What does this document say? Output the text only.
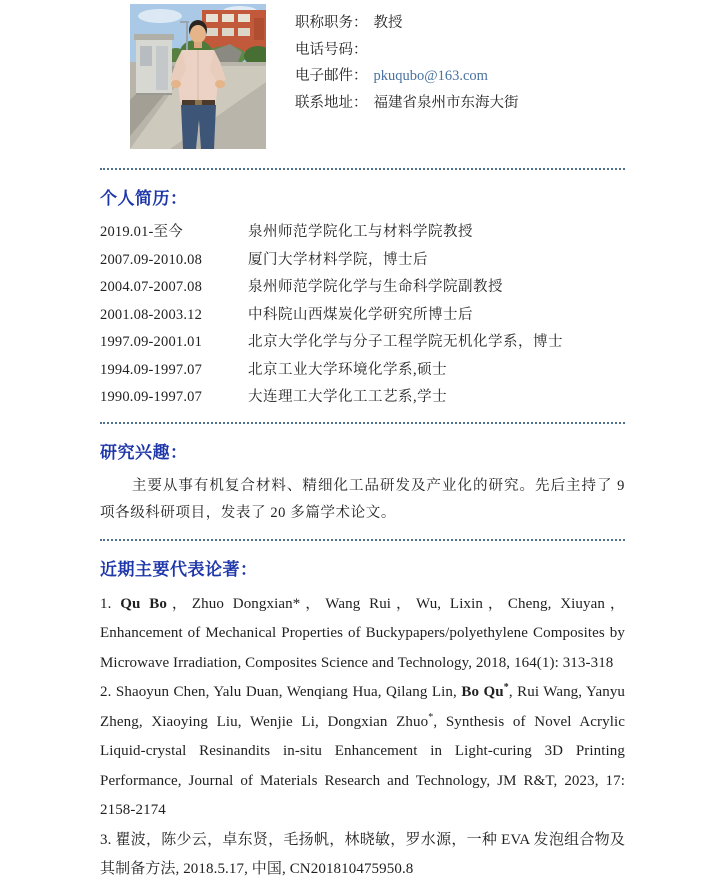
职称职务： 教授
电话号码：
电子邮件： pkuqubo@163.com
联系地址： 福建省泉州市东海大街
个人简历：
2019.01-至今	泉州师范学院化工与材料学院教授
2007.09-2010.08	厦门大学材料学院，博士后
2004.07-2007.08	泉州师范学院化学与生命科学院副教授
2001.08-2003.12	中科院山西煤炭化学研究所博士后
1997.09-2001.01	北京大学化学与分子工程学院无机化学系，博士
1994.09-1997.07	北京工业大学环境化学系,硕士
1990.09-1997.07	大连理工大学化工工艺系,学士
研究兴趣：

主要从事有机复合材料、精细化工品研发及产业化的研究。先后主持了 9 项各级科研项目，发表了 20 多篇学术论文。

近期主要代表论著：

1. Qu Bo，Zhuo Dongxian*，Wang Rui，Wu, Lixin，Cheng, Xiuyan，Enhancement of Mechanical Properties of Buckypapers/polyethylene Composites by Microwave Irradiation, Composites Science and Technology, 2018, 164(1): 313-318

2. Shaoyun Chen, Yalu Duan, Wenqiang Hua, Qilang Lin, Bo Qu*, Rui Wang, Yanyu Zheng, Xiaoying Liu, Wenjie Li, Dongxian Zhuo*, Synthesis of Novel Acrylic Liquid-crystal Resinandits in-situ Enhancement in Light-curing 3D Printing Performance, Journal of Materials Research and Technology, JM R&T, 2023, 17: 2158-2174

3. 瞿波，陈少云，卓东贤，毛扬帆，林晓敏，罗水源，一种 EVA 发泡组合物及其制备方法, 2018.5.17, 中国, CN201810475950.8
